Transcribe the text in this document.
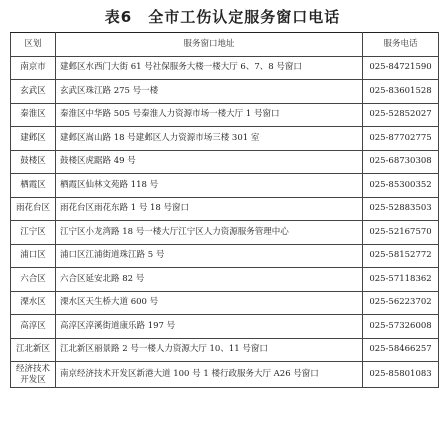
表6　全市工伤认定服务窗口电话
区划	服务窗口地址	服务电话
南京市	建邺区水西门大街 61 号社保服务大楼一楼大厅 6、7、8 号窗口	025-84721590
玄武区	玄武区珠江路 275 号一楼	025-83601528
秦淮区	秦淮区中华路 505 号秦淮人力资源市场一楼大厅 1 号窗口	025-52852027
建邺区	建邺区嵩山路 18 号建邺区人力资源市场三楼 301 室	025-87702775
鼓楼区	鼓楼区虎踞路 49 号	025-68730308
栖霞区	栖霞区仙林文苑路 118 号	025-85300352
雨花台区	雨花台区雨花东路 1 号 18 号窗口	025-52883503
江宁区	江宁区小龙湾路 18 号一楼大厅江宁区人力资源服务管理中心	025-52167570
浦口区	浦口区江浦街道珠江路 5 号	025-58152772
六合区	六合区延安北路 82 号	025-57118362
溧水区	溧水区天生桥大道 600 号	025-56223702
高淳区	高淳区淳溪街道康乐路 197 号	025-57326008
江北新区	江北新区丽景路 2 号一楼人力资源大厅 10、11 号窗口	025-58466257
经济技术开发区	南京经济技术开发区新港大道 100 号 1 楼行政服务大厅 A26 号窗口	025-85801083
